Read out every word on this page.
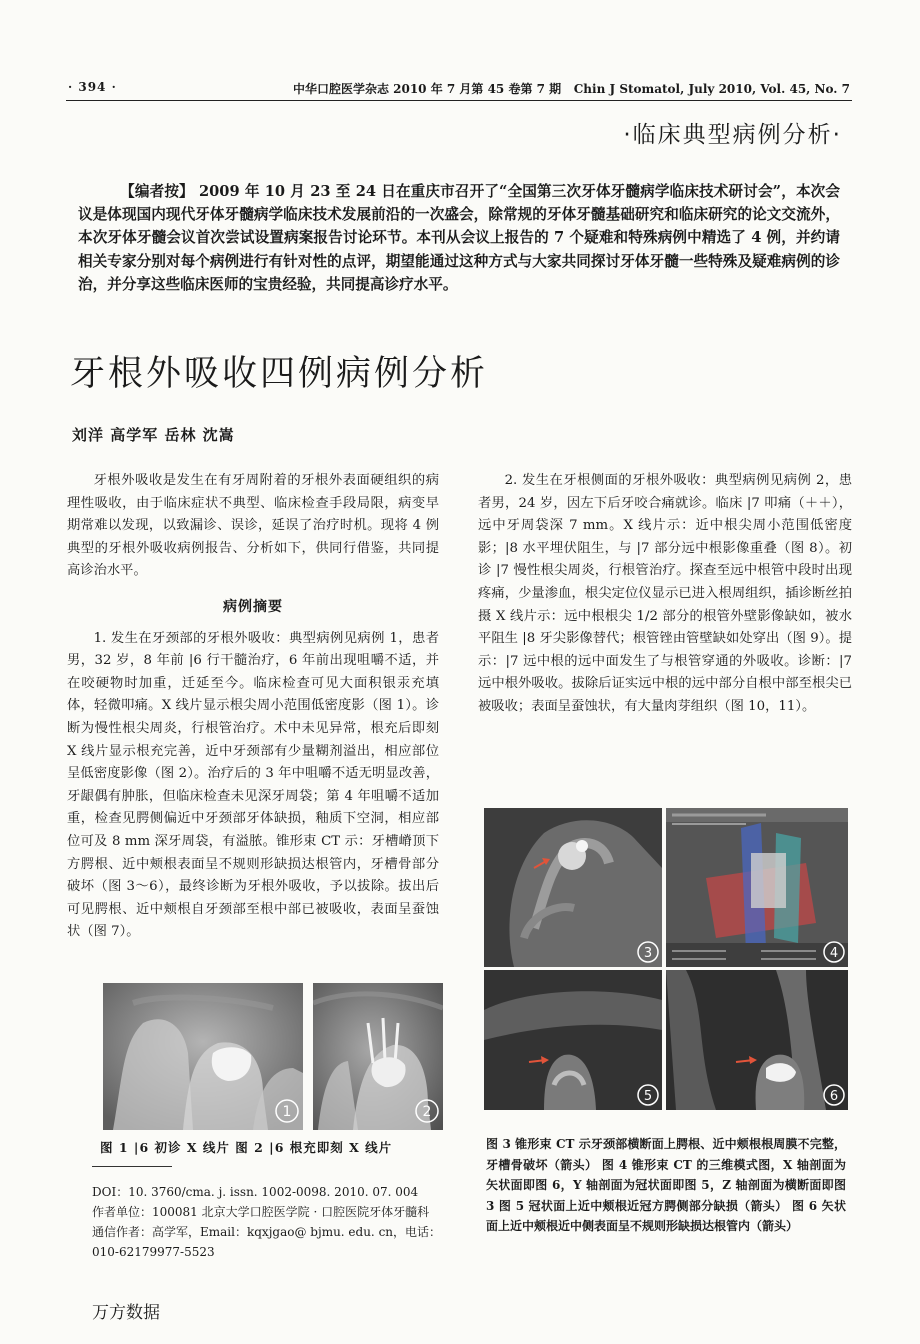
· 394 ·	中华口腔医学杂志 2010 年 7 月第 45 卷第 7 期 Chin J Stomatol, July 2010, Vol. 45, No. 7
·临床典型病例分析·
【编者按】 2009 年 10 月 23 至 24 日在重庆市召开了“全国第三次牙体牙髓病学临床技术研讨会”，本次会议是体现国内现代牙体牙髓病学临床技术发展前沿的一次盛会，除常规的牙体牙髓基础研究和临床研究的论文交流外，本次牙体牙髓会议首次尝试设置病案报告讨论环节。本刊从会议上报告的 7 个疑难和特殊病例中精选了 4 例，并约请相关专家分别对每个病例进行有针对性的点评，期望能通过这种方式与大家共同探讨牙体牙髓一些特殊及疑难病例的诊治，并分享这些临床医师的宝贵经验，共同提高诊疗水平。
牙根外吸收四例病例分析
刘洋 高学军 岳林 沈嵩

牙根外吸收是发生在有牙周附着的牙根外表面硬组织的病理性吸收，由于临床症状不典型、临床检查手段局限，病变早期常难以发现，以致漏诊、误诊，延误了治疗时机。现将 4 例典型的牙根外吸收病例报告、分析如下，供同行借鉴，共同提高诊治水平。

病例摘要

1. 发生在牙颈部的牙根外吸收：典型病例见病例 1，患者男，32 岁，8 年前 |6 行干髓治疗，6 年前出现咀嚼不适，并在咬硬物时加重，迁延至今。临床检查可见大面积银汞充填体，轻微叩痛。X 线片显示根尖周小范围低密度影（图 1）。诊断为慢性根尖周炎，行根管治疗。术中未见异常，根充后即刻 X 线片显示根充完善，近中牙颈部有少量糊剂溢出，相应部位呈低密度影像（图 2）。治疗后的 3 年中咀嚼不适无明显改善，牙龈偶有肿胀，但临床检查未见深牙周袋；第 4 年咀嚼不适加重，检查见腭侧偏近中牙颈部牙体缺损，釉质下空洞，相应部位可及 8 mm 深牙周袋，有溢脓。锥形束 CT 示：牙槽嵴顶下方腭根、近中颊根表面呈不规则形缺损达根管内，牙槽骨部分破坏（图 3～6），最终诊断为牙根外吸收，予以拔除。拔出后可见腭根、近中颊根自牙颈部至根中部已被吸收，表面呈蚕蚀状（图 7）。

2. 发生在牙根侧面的牙根外吸收：典型病例见病例 2，患者男，24 岁，因左下后牙咬合痛就诊。临床 |7 叩痛（＋＋），远中牙周袋深 7 mm。X 线片示：近中根尖周小范围低密度影；|8 水平埋伏阻生，与 |7 部分远中根影像重叠（图 8）。初诊 |7 慢性根尖周炎，行根管治疗。探查至远中根管中段时出现疼痛，少量渗血，根尖定位仪显示已进入根周组织，插诊断丝拍摄 X 线片示：远中根根尖 1/2 部分的根管外壁影像缺如，被水平阻生 |8 牙尖影像替代；根管锉由管壁缺如处穿出（图 9）。提示：|7 远中根的远中面发生了与根管穿通的外吸收。诊断：|7 远中根外吸收。拔除后证实远中根的远中部分自根中部至根尖已被吸收；表面呈蚕蚀状，有大量肉芽组织（图 10，11）。

1	2
图 1 |6 初诊 X 线片 图 2 |6 根充即刻 X 线片
DOI：10. 3760/cma. j. issn. 1002-0098. 2010. 07. 004
作者单位：100081 北京大学口腔医学院 · 口腔医院牙体牙髓科
通信作者：高学军，Email：kqxjgao@ bjmu. edu. cn，电话：010-62179977-5523
3	4
5	6
图 3 锥形束 CT 示牙颈部横断面上腭根、近中颊根根周膜不完整，牙槽骨破坏（箭头） 图 4 锥形束 CT 的三维模式图，X 轴剖面为矢状面即图 6，Y 轴剖面为冠状面即图 5，Z 轴剖面为横断面即图 3 图 5 冠状面上近中颊根近冠方腭侧部分缺损（箭头） 图 6 矢状面上近中颊根近中侧表面呈不规则形缺损达根管内（箭头）
万方数据
